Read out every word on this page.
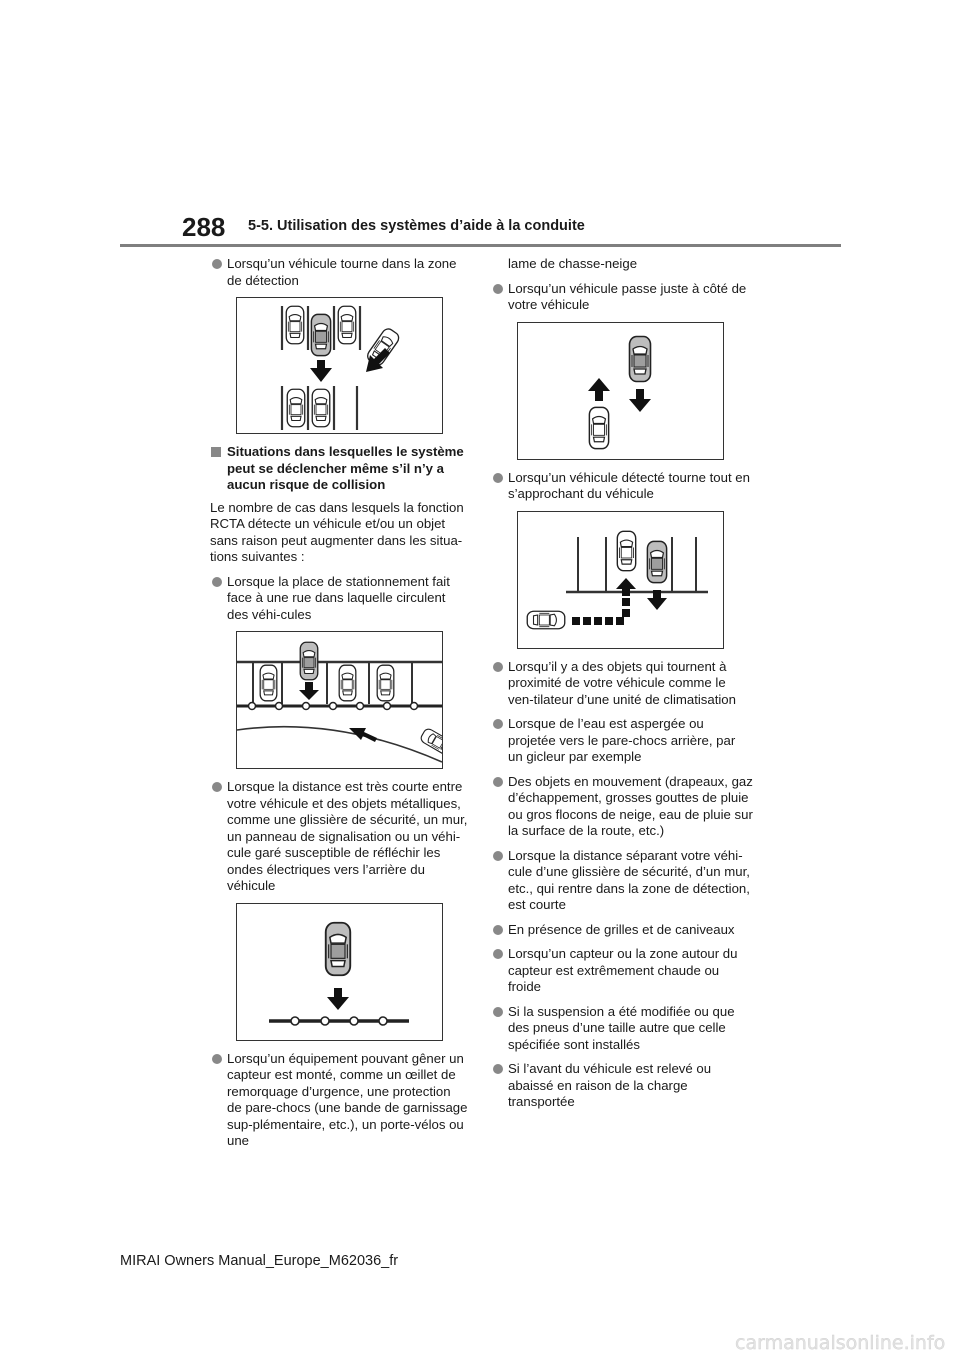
288 5-5. Utilisation des systèmes d’aide à la conduite
Lorsqu’un véhicule tourne dans la zone de détection
Situations dans lesquelles le système peut se déclencher même s’il n’y a aucun risque de collision
Le nombre de cas dans lesquels la fonction RCTA détecte un véhicule et/ou un objet sans raison peut augmenter dans les situa-tions suivantes :
Lorsque la place de stationnement fait face à une rue dans laquelle circulent des véhi-cules
Lorsque la distance est très courte entre votre véhicule et des objets métalliques, comme une glissière de sécurité, un mur, un panneau de signalisation ou un véhi-cule garé susceptible de réfléchir les ondes électriques vers l’arrière du véhicule
Lorsqu’un équipement pouvant gêner un capteur est monté, comme un œillet de remorquage d’urgence, une protection de pare-chocs (une bande de garnissage sup-plémentaire, etc.), un porte-vélos ou une
lame de chasse-neige
Lorsqu’un véhicule passe juste à côté de votre véhicule
Lorsqu’un véhicule détecté tourne tout en s’approchant du véhicule
Lorsqu’il y a des objets qui tournent à proximité de votre véhicule comme le ven-tilateur d’une unité de climatisation
Lorsque de l’eau est aspergée ou projetée vers le pare-chocs arrière, par un gicleur par exemple
Des objets en mouvement (drapeaux, gaz d’échappement, grosses gouttes de pluie ou gros flocons de neige, eau de pluie sur la surface de la route, etc.)
Lorsque la distance séparant votre véhi-cule d’une glissière de sécurité, d’un mur, etc., qui rentre dans la zone de détection, est courte
En présence de grilles et de caniveaux
Lorsqu’un capteur ou la zone autour du capteur est extrêmement chaude ou froide
Si la suspension a été modifiée ou que des pneus d’une taille autre que celle spécifiée sont installés
Si l’avant du véhicule est relevé ou abaissé en raison de la charge transportée
MIRAI Owners Manual_Europe_M62036_fr
carmanualsonline.info
